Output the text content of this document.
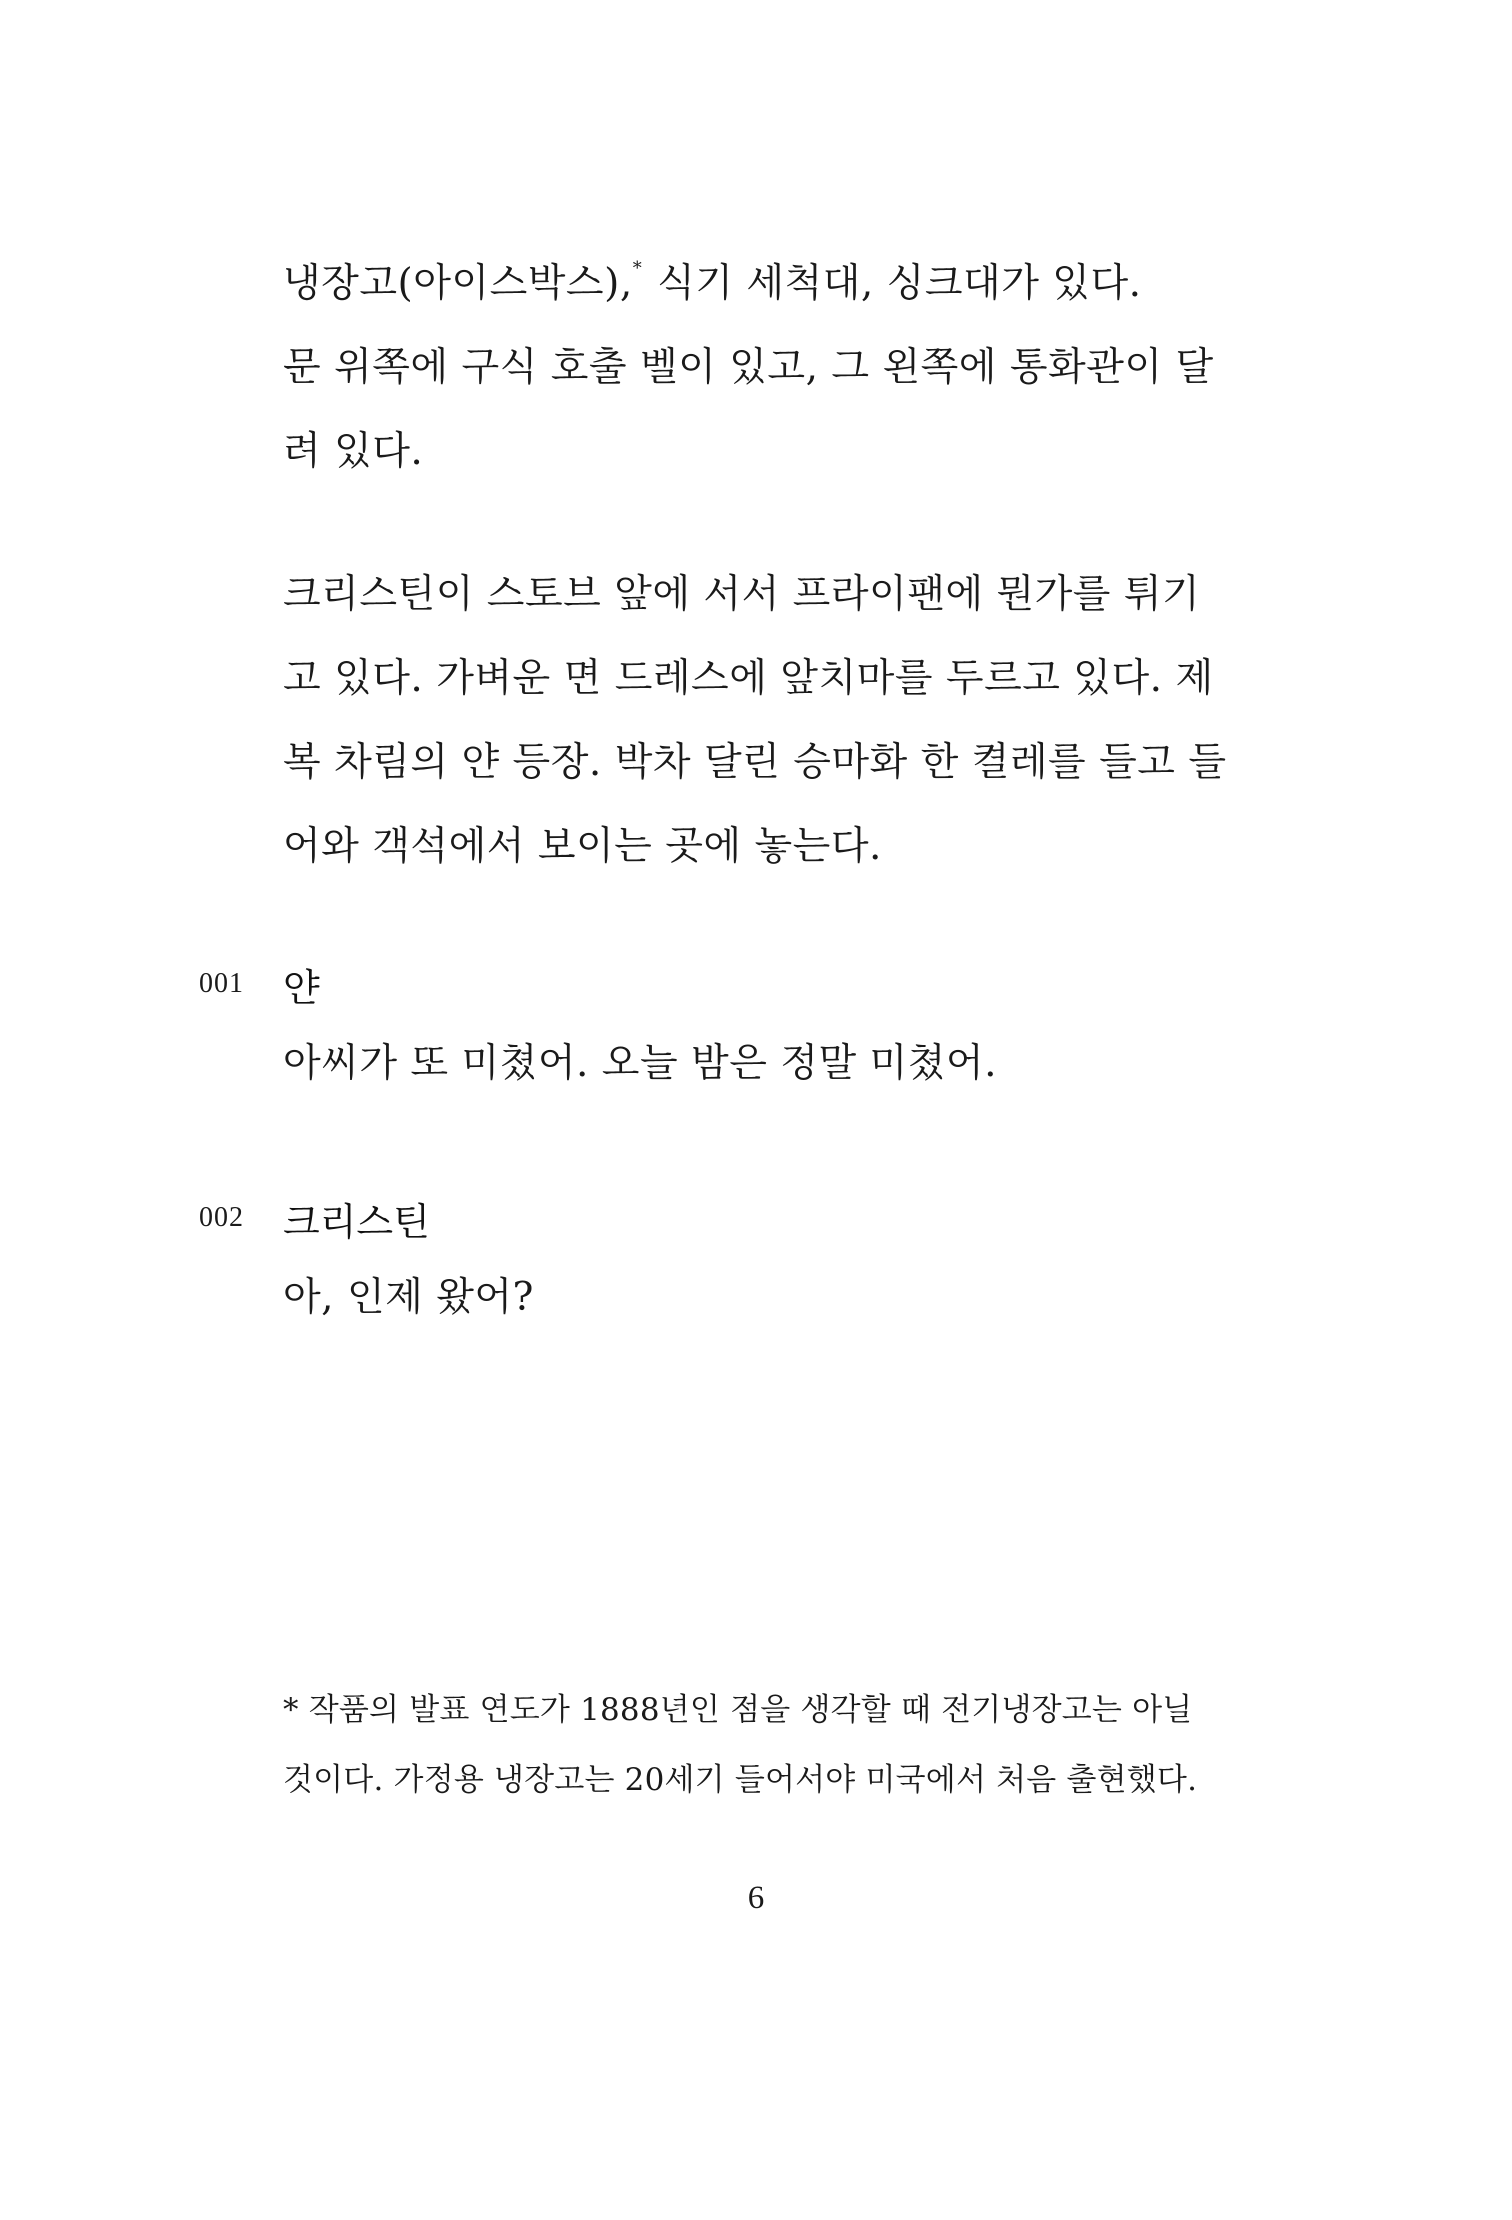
냉장고(아이스박스),* 식기 세척대, 싱크대가 있다.
문 위쪽에 구식 호출 벨이 있고, 그 왼쪽에 통화관이 달
려 있다.
크리스틴이 스토브 앞에 서서 프라이팬에 뭔가를 튀기
고 있다. 가벼운 면 드레스에 앞치마를 두르고 있다. 제
복 차림의 얀 등장. 박차 달린 승마화 한 켤레를 들고 들
어와 객석에서 보이는 곳에 놓는다.
001	얀
아씨가 또 미쳤어. 오늘 밤은 정말 미쳤어.
002	크리스틴
아, 인제 왔어?
* 작품의 발표 연도가 1888년인 점을 생각할 때 전기냉장고는 아닐
것이다. 가정용 냉장고는 20세기 들어서야 미국에서 처음 출현했다.
6
